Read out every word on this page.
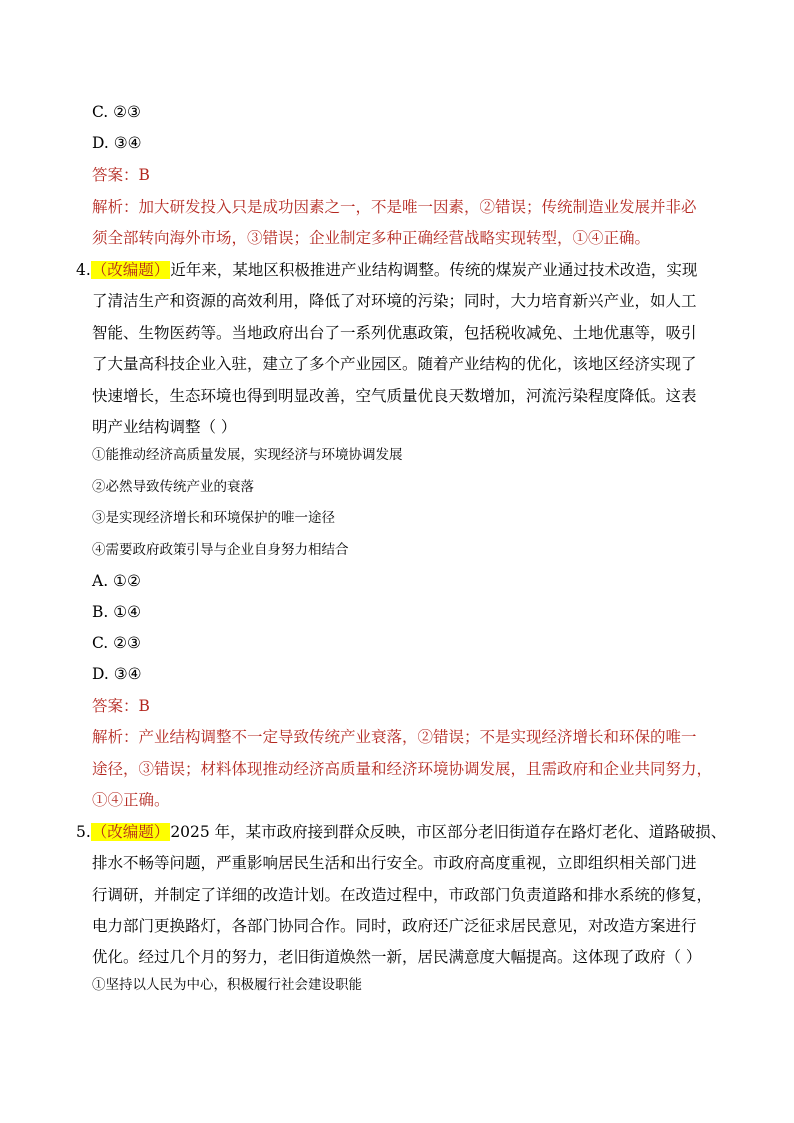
C. ②③
D. ③④
答案：B
解析：加大研发投入只是成功因素之一，不是唯一因素，②错误；传统制造业发展并非必
须全部转向海外市场，③错误；企业制定多种正确经营战略实现转型，①④正确。
4.（改编题）近年来，某地区积极推进产业结构调整。传统的煤炭产业通过技术改造，实现
了清洁生产和资源的高效利用，降低了对环境的污染；同时，大力培育新兴产业，如人工
智能、生物医药等。当地政府出台了一系列优惠政策，包括税收减免、土地优惠等，吸引
了大量高科技企业入驻，建立了多个产业园区。随着产业结构的优化，该地区经济实现了
快速增长，生态环境也得到明显改善，空气质量优良天数增加，河流污染程度降低。这表
明产业结构调整（ ）
①能推动经济高质量发展，实现经济与环境协调发展
②必然导致传统产业的衰落
③是实现经济增长和环境保护的唯一途径
④需要政府政策引导与企业自身努力相结合
A. ①②
B. ①④
C. ②③
D. ③④
答案：B
解析：产业结构调整不一定导致传统产业衰落，②错误；不是实现经济增长和环保的唯一
途径，③错误；材料体现推动经济高质量和经济环境协调发展，且需政府和企业共同努力，
①④正确。
5.（改编题）2025 年，某市政府接到群众反映，市区部分老旧街道存在路灯老化、道路破损、
排水不畅等问题，严重影响居民生活和出行安全。市政府高度重视，立即组织相关部门进
行调研，并制定了详细的改造计划。在改造过程中，市政部门负责道路和排水系统的修复，
电力部门更换路灯，各部门协同合作。同时，政府还广泛征求居民意见，对改造方案进行
优化。经过几个月的努力，老旧街道焕然一新，居民满意度大幅提高。这体现了政府（ ）
①坚持以人民为中心，积极履行社会建设职能
